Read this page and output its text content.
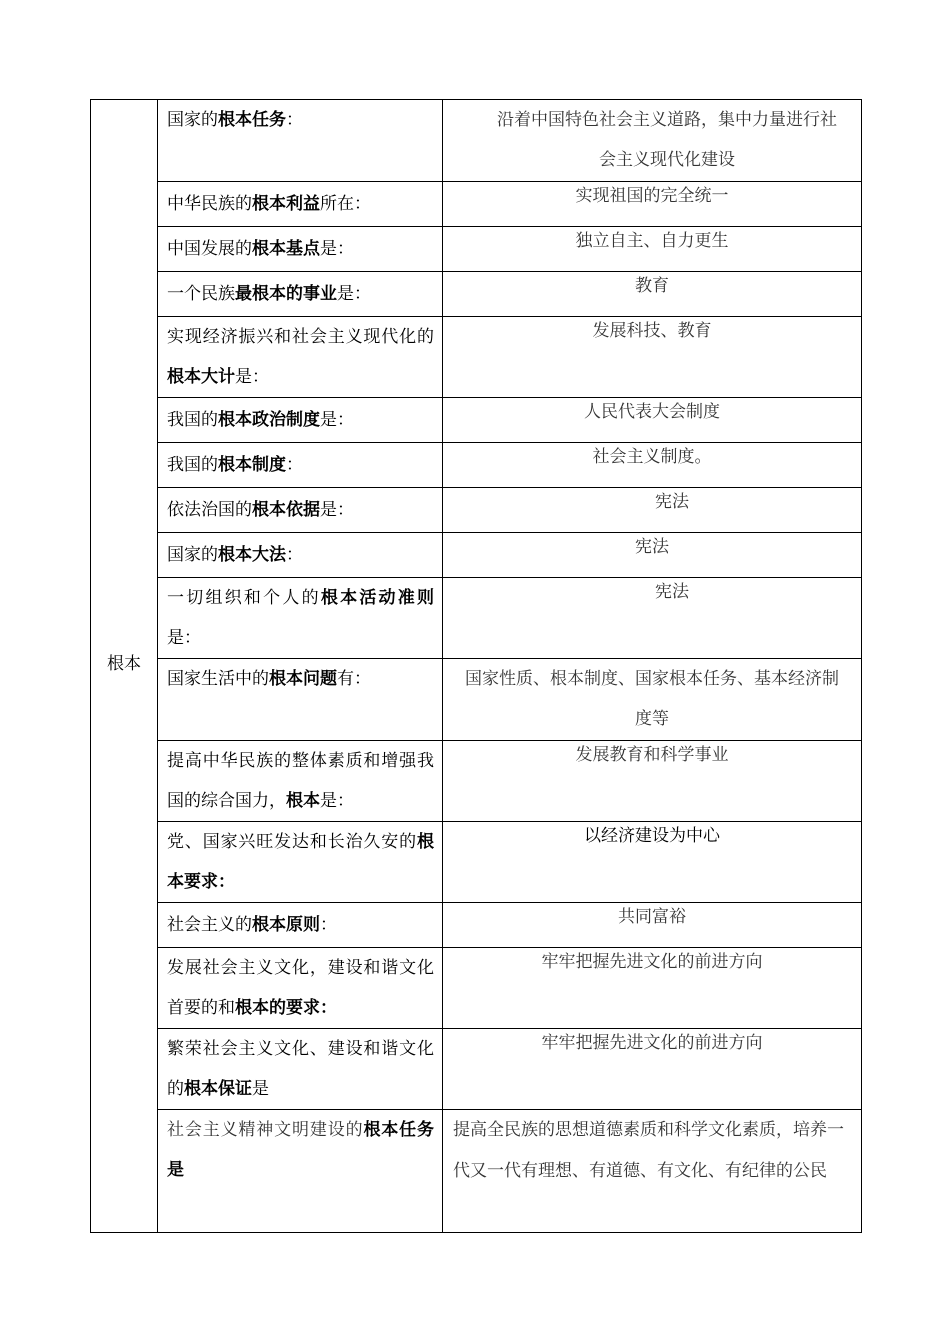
根本	国家的根本任务：	沿着中国特色社会主义道路，集中力量进行社会主义现代化建设

	中华民族的根本利益所在：	实现祖国的完全统一

	中国发展的根本基点是：	独立自主、自力更生

	一个民族最根本的事业是：	教育

	实现经济振兴和社会主义现代化的根本大计是：	发展科技、教育

	我国的根本政治制度是：	人民代表大会制度

	我国的根本制度：	社会主义制度。

	依法治国的根本依据是：	宪法

	国家的根本大法：	宪法

	一切组织和个人的根本活动准则是：	宪法

	国家生活中的根本问题有：	国家性质、根本制度、国家根本任务、基本经济制度等

	提高中华民族的整体素质和增强我国的综合国力，根本是：	发展教育和科学事业

	党、国家兴旺发达和长治久安的根本要求：	以经济建设为中心

	社会主义的根本原则：	共同富裕

	发展社会主义文化，建设和谐文化首要的和根本的要求：	牢牢把握先进文化的前进方向

	繁荣社会主义文化、建设和谐文化的根本保证是	牢牢把握先进文化的前进方向

	社会主义精神文明建设的根本任务是	提高全民族的思想道德素质和科学文化素质，培养一代又一代有理想、有道德、有文化、有纪律的公民
